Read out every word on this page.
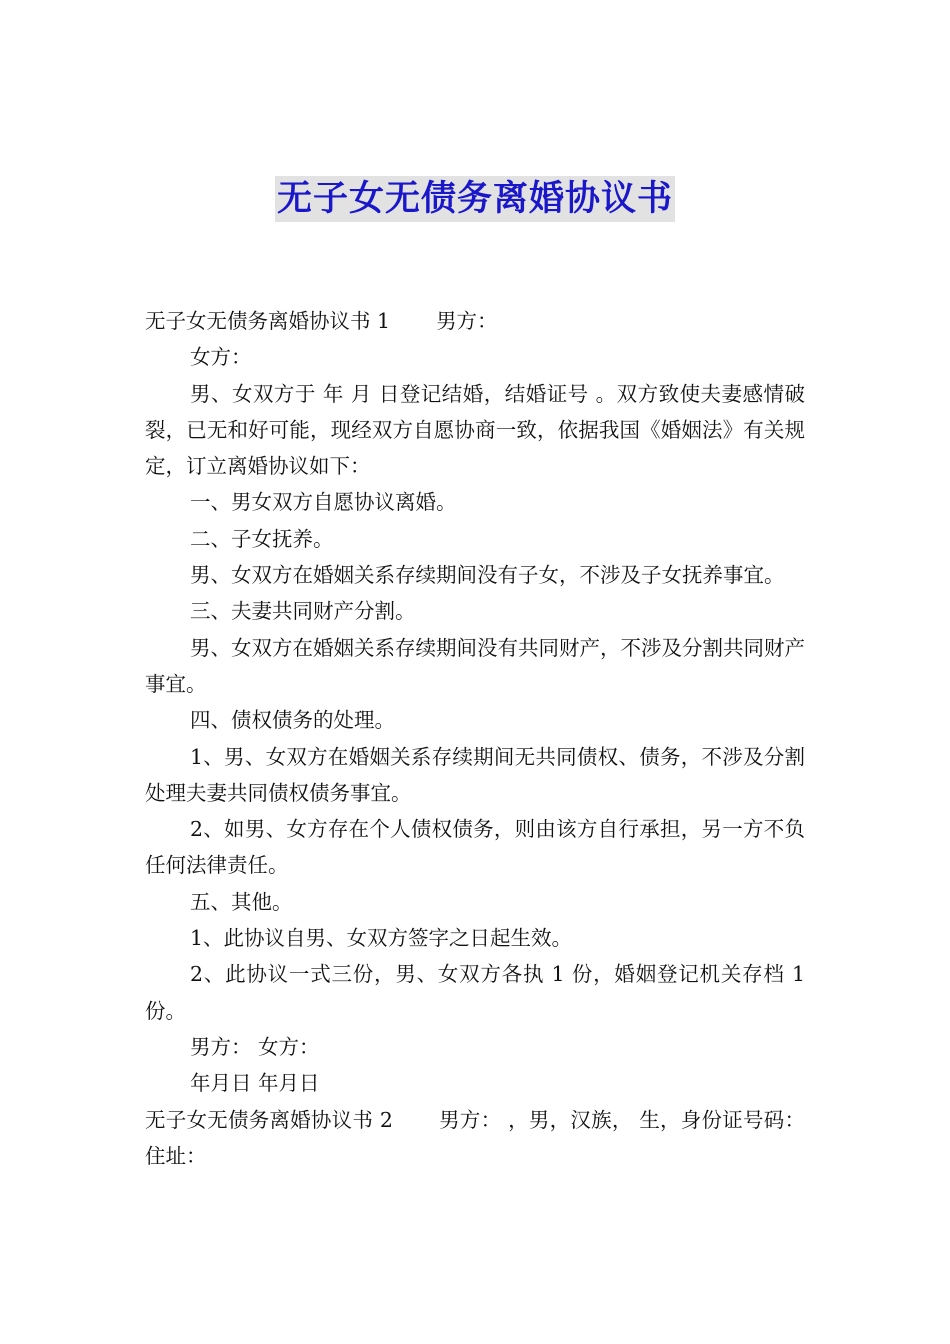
无子女无债务离婚协议书

无子女无债务离婚协议书 1 男方：

女方：

男、女双方于 年 月 日登记结婚，结婚证号 。双方致使夫妻感情破裂，已无和好可能，现经双方自愿协商一致，依据我国《婚姻法》有关规定，订立离婚协议如下：

一、男女双方自愿协议离婚。

二、子女抚养。

男、女双方在婚姻关系存续期间没有子女，不涉及子女抚养事宜。

三、夫妻共同财产分割。

男、女双方在婚姻关系存续期间没有共同财产，不涉及分割共同财产事宜。

四、债权债务的处理。

1、男、女双方在婚姻关系存续期间无共同债权、债务，不涉及分割处理夫妻共同债权债务事宜。

2、如男、女方存在个人债权债务，则由该方自行承担，另一方不负任何法律责任。

五、其他。

1、此协议自男、女双方签字之日起生效。

2、此协议一式三份，男、女双方各执 1 份，婚姻登记机关存档 1 份。

男方： 女方：

年月日 年月日

无子女无债务离婚协议书 2 男方： ，男，汉族， 生，身份证号码：住址：
